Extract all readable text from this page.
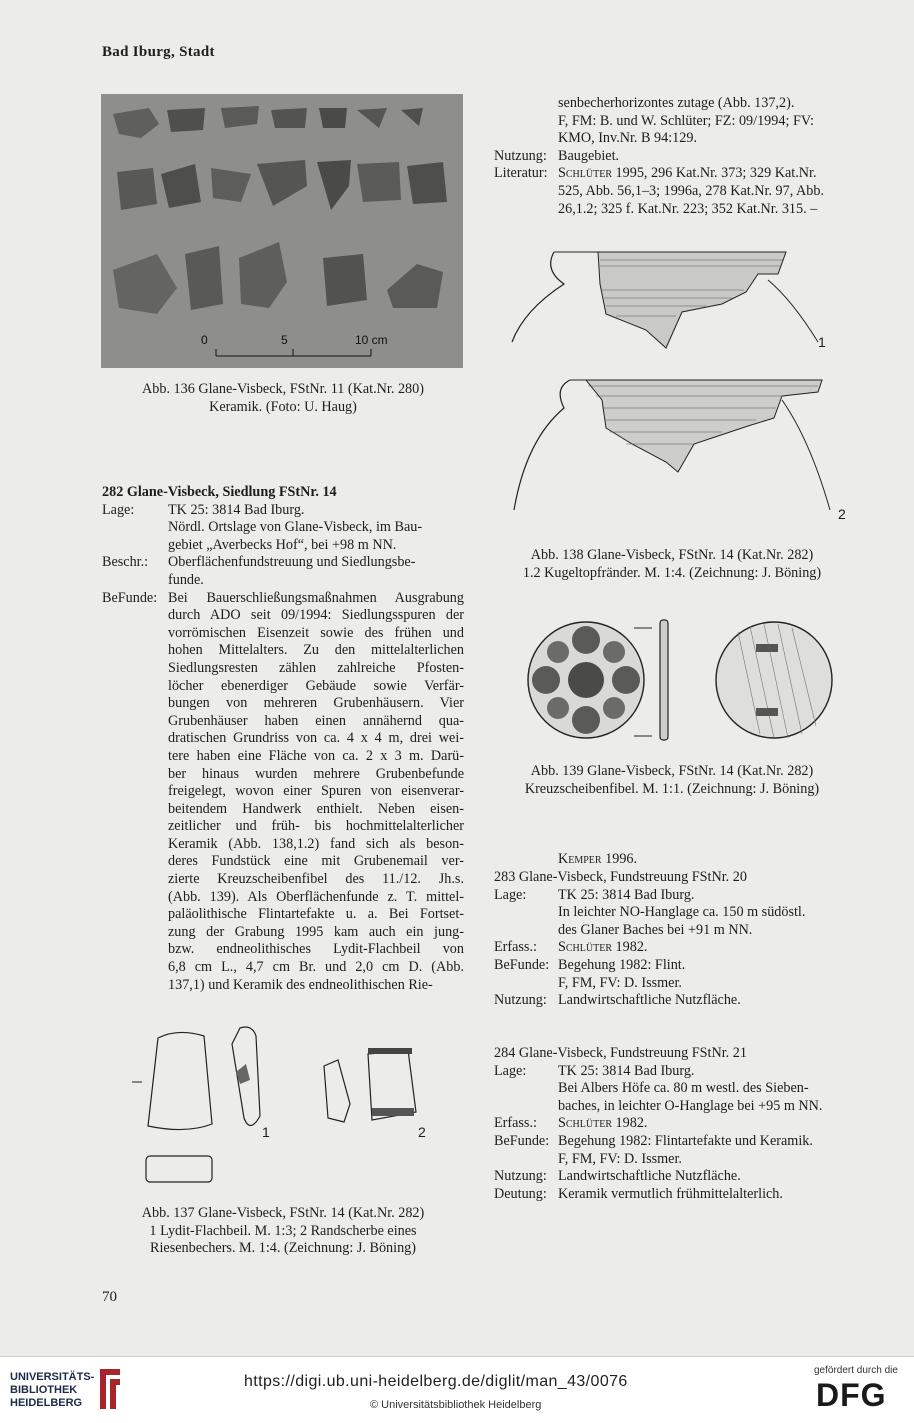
Bad Iburg, Stadt
0	5	10 cm
Abb. 136 Glane-Visbeck, FStNr. 11 (Kat.Nr. 280)
Keramik. (Foto: U. Haug)
282 Glane-Visbeck, Siedlung FStNr. 14
Lage:	TK 25: 3814 Bad Iburg.
Nördl. Ortslage von Glane-Visbeck, im Bau-
gebiet „Averbecks Hof“, bei +98 m NN.
Beschr.:	Oberflächenfundstreuung und Siedlungsbe-
funde.
BeFunde: Bei Bauerschließungsmaßnahmen Ausgrabung
durch ADO seit 09/1994: Siedlungsspuren der
vorrömischen Eisenzeit sowie des frühen und
hohen Mittelalters. Zu den mittelalterlichen
Siedlungsresten zählen zahlreiche Pfosten-
löcher ebenerdiger Gebäude sowie Verfär-
bungen von mehreren Grubenhäusern. Vier
Grubenhäuser haben einen annähernd qua-
dratischen Grundriss von ca. 4 x 4 m, drei wei-
tere haben eine Fläche von ca. 2 x 3 m. Darü-
ber hinaus wurden mehrere Grubenbefunde
freigelegt, wovon einer Spuren von eisenverar-
beitendem Handwerk enthielt. Neben eisen-
zeitlicher und früh- bis hochmittelalterlicher
Keramik (Abb. 138,1.2) fand sich als beson-
deres Fundstück eine mit Grubenemail ver-
zierte Kreuzscheibenfibel des 11./12. Jh.s.
(Abb. 139). Als Oberflächenfunde z. T. mittel-
paläolithische Flintartefakte u. a. Bei Fortset-
zung der Grabung 1995 kam auch ein jung-
bzw. endneolithisches Lydit-Flachbeil von
6,8 cm L., 4,7 cm Br. und 2,0 cm D. (Abb.
137,1) und Keramik des endneolithischen Rie-
1	2
Abb. 137 Glane-Visbeck, FStNr. 14 (Kat.Nr. 282)
1 Lydit-Flachbeil. M. 1:3; 2 Randscherbe eines
Riesenbechers. M. 1:4. (Zeichnung: J. Böning)
70
senbecherhorizontes zutage (Abb. 137,2).
F, FM: B. und W. Schlüter; FZ: 09/1994; FV:
KMO, Inv.Nr. B 94:129.
Nutzung: Baugebiet.
Literatur: Schlüter 1995, 296 Kat.Nr. 373; 329 Kat.Nr.
525, Abb. 56,1–3; 1996a, 278 Kat.Nr. 97, Abb.
26,1.2; 325 f. Kat.Nr. 223; 352 Kat.Nr. 315. –
1
2
Abb. 138 Glane-Visbeck, FStNr. 14 (Kat.Nr. 282)
1.2 Kugeltopfränder. M. 1:4. (Zeichnung: J. Böning)
Abb. 139 Glane-Visbeck, FStNr. 14 (Kat.Nr. 282)
Kreuzscheibenfibel. M. 1:1. (Zeichnung: J. Böning)
Kemper 1996.
283 Glane-Visbeck, Fundstreuung FStNr. 20
Lage:	TK 25: 3814 Bad Iburg.
In leichter NO-Hanglage ca. 150 m südöstl.
des Glaner Baches bei +91 m NN.
Erfass.:	Schlüter 1982.
BeFunde: Begehung 1982: Flint.
F, FM, FV: D. Issmer.
Nutzung: Landwirtschaftliche Nutzfläche.
284 Glane-Visbeck, Fundstreuung FStNr. 21
Lage:	TK 25: 3814 Bad Iburg.
Bei Albers Höfe ca. 80 m westl. des Sieben-
baches, in leichter O-Hanglage bei +95 m NN.
Erfass.:	Schlüter 1982.
BeFunde: Begehung 1982: Flintartefakte und Keramik.
F, FM, FV: D. Issmer.
Nutzung: Landwirtschaftliche Nutzfläche.
Deutung: Keramik vermutlich frühmittelalterlich.
UNIVERSITÄTS-
BIBLIOTHEK
HEIDELBERG
https://digi.ub.uni-heidelberg.de/diglit/man_43/0076
© Universitätsbibliothek Heidelberg
gefördert durch die
DFG
